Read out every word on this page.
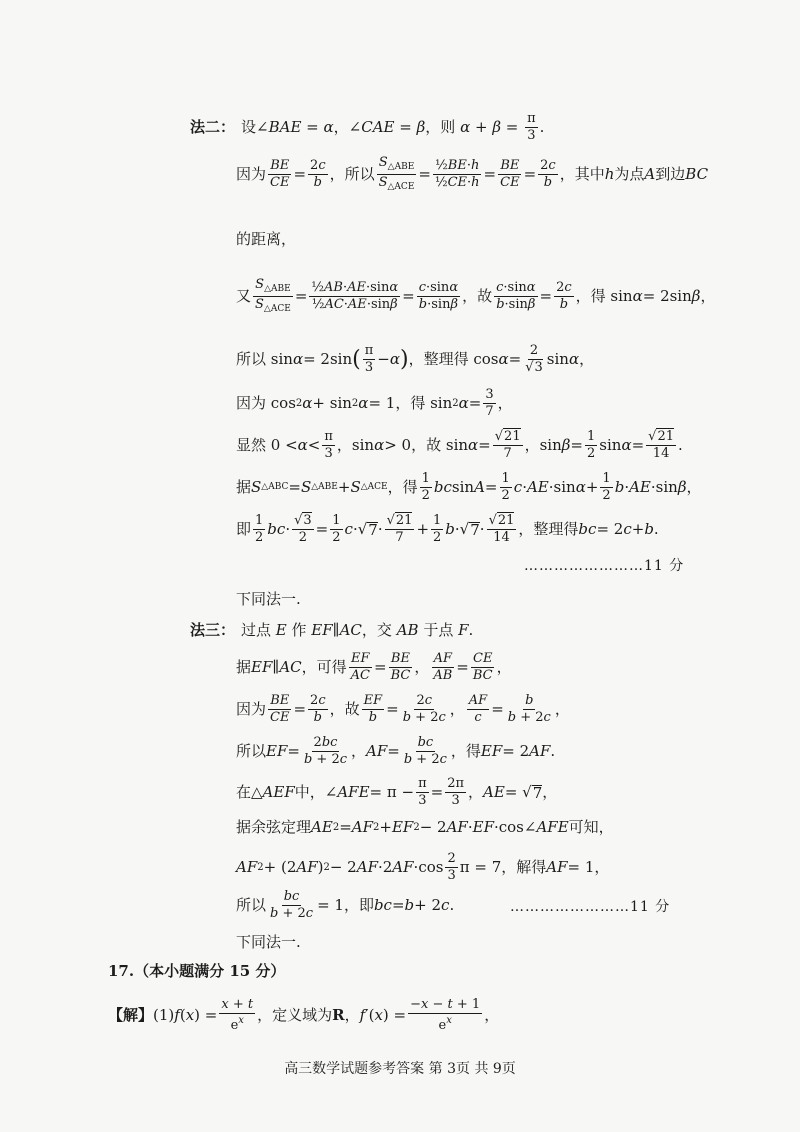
法二： 设∠BAE = α，∠CAE = β，则 $\alpha + \beta = \frac{\pi}{3}$ .
因为 $\frac{BE}{CE} = \frac{2c}{b}$ ，所以 $\frac{S_{\triangle ABE}}{S_{\triangle ACE}} = \frac{\text{½BE·h}}{\text{½CE·h}} = \frac{BE}{CE} = \frac{2c}{b}$ ，其中 h 为点 A 到边 BC
的距离，
又 $\frac{S_{\triangle ABE}}{S_{\triangle ACE}} = \frac{\text{½AB·AE·sinα}}{\text{½AC·AE·sinβ}} = \frac{c\cdot\sin\alpha}{b\cdot\sin\beta}$ ，故 $\frac{c\cdot\sin\alpha}{b\cdot\sin\beta} = \frac{2c}{b}$ ，得 sin α = 2sin β ，
所以 sin α = 2sin ( $\frac{\pi}{3} - \alpha$ ) ，整理得 $\cos \alpha = \frac{2}{√3}$ sin α ，
因为 cos 2 α + sin 2 α = 1，得 sin 2 $\alpha = \frac{3}{7}$ ，
显然 $0 < \alpha < \frac{\pi}{3}$ ，sin α > 0，故 $\sin \alpha = \frac{√21}{7}$ ，$\sin \beta = \frac{1}{2}$ $\sin \alpha = \frac{√21}{14}$ .
据 S △ABC = S △ABE + S △ACE ，得 $\frac{1}{2}$ bc $\sin A = \frac{1}{2}$ c · AE ·sin $\alpha + \frac{1}{2}$ b · AE ·sin β ，
即 $\frac{1}{2}$ bc · $\frac{√3}{2} = \frac{1}{2}$ c ·√ $7 \cdot \frac{√21}{7} + \frac{1}{2}$ b ·√ $7 \cdot \frac{√21}{14}$ ，整理得 bc = 2 c + b .
……………………11 分
下同法一.
法三： 过点 E 作 EF∥AC，交 AB 于点 F.
据 EF ∥ AC ，可得 $\frac{EF}{AC} = \frac{BE}{BC}$ ， $\frac{AF}{AB} = \frac{CE}{BC}$ ，
因为 $\frac{BE}{CE} = \frac{2c}{b}$ ，故 $\frac{EF}{b} = \frac{2c}{b + 2c}$ ， $\frac{AF}{c} = \frac{b}{b + 2c}$ ，
所以 EF = $\frac{2bc}{b + 2c}$ ， AF = $\frac{bc}{b + 2c}$ ，得 EF = 2 AF .
在△ AEF 中，∠ AFE = $\pi - \frac{\pi}{3} = \frac{2\pi}{3}$ ， AE = √ 7 ，
据余弦定理 AE 2 = AF 2 + EF 2 − 2 AF · EF ·cos∠ AFE 可知，
AF 2 + (2 AF ) 2 − 2 AF ·2 AF $\cdot\cos \frac{2}{3}$ π = 7，解得 AF = 1，
所以 $\frac{bc}{b + 2c} = 1$，即 bc = b + 2 c .	……………………11 分
下同法一.
17.（本小题满分 15 分）
【解】 (1) f ( x ) = $\frac{x + t}{e^x}$ ，定义域为 R ， f ′( x ) = $\frac{-x - t + 1}{e^x}$ ，
高三数学试题参考答案 第 3页 共 9页
